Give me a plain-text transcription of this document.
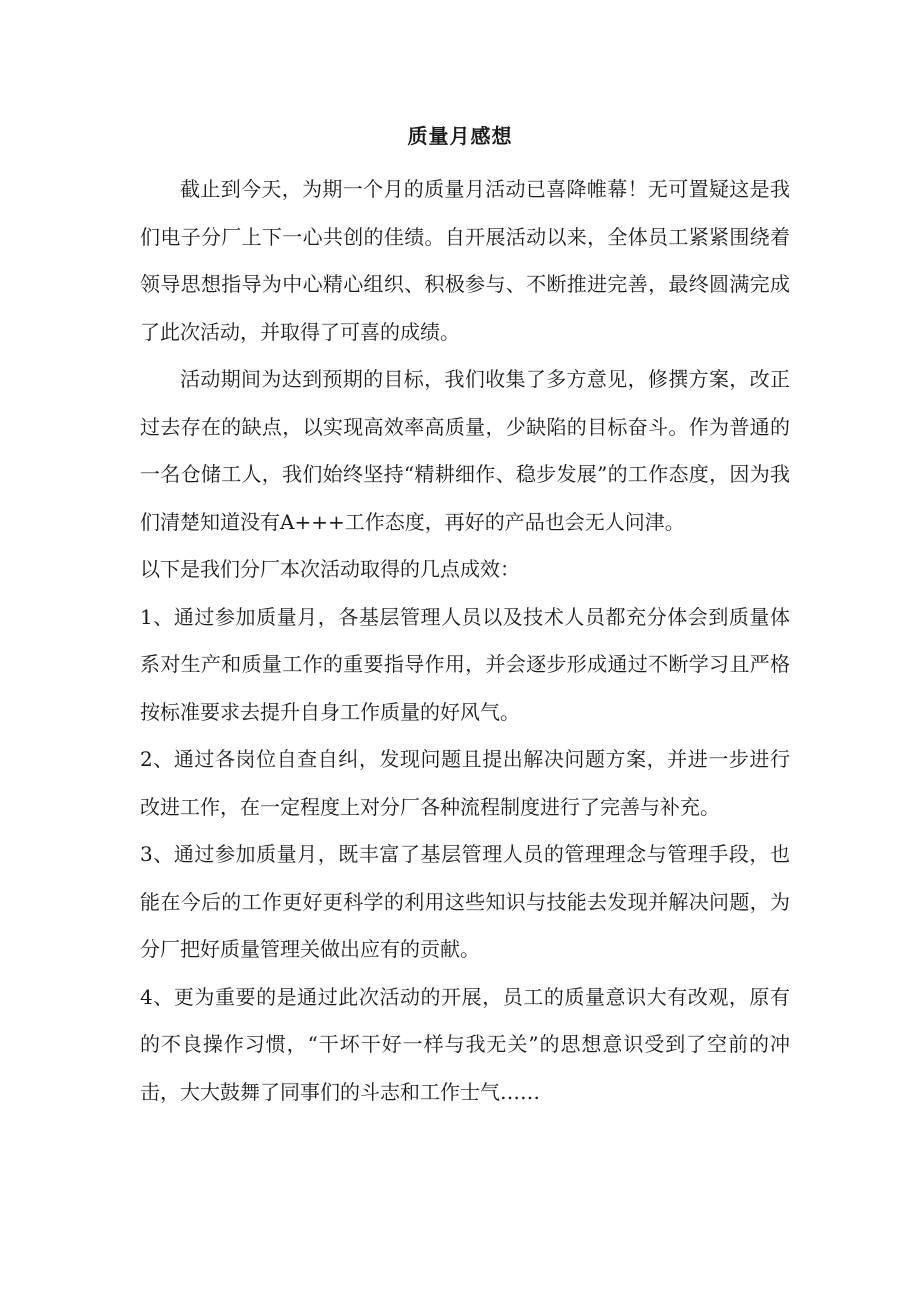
质量月感想

截止到今天，为期一个月的质量月活动已喜降帷幕！无可置疑这是我们电子分厂上下一心共创的佳绩。自开展活动以来，全体员工紧紧围绕着领导思想指导为中心精心组织、积极参与、不断推进完善，最终圆满完成了此次活动，并取得了可喜的成绩。

活动期间为达到预期的目标，我们收集了多方意见，修撰方案，改正过去存在的缺点，以实现高效率高质量，少缺陷的目标奋斗。作为普通的一名仓储工人，我们始终坚持“精耕细作、稳步发展”的工作态度，因为我们清楚知道没有A+++工作态度，再好的产品也会无人问津。

以下是我们分厂本次活动取得的几点成效：

1、通过参加质量月，各基层管理人员以及技术人员都充分体会到质量体系对生产和质量工作的重要指导作用，并会逐步形成通过不断学习且严格按标准要求去提升自身工作质量的好风气。

2、通过各岗位自查自纠，发现问题且提出解决问题方案，并进一步进行改进工作，在一定程度上对分厂各种流程制度进行了完善与补充。

3、通过参加质量月，既丰富了基层管理人员的管理理念与管理手段，也能在今后的工作更好更科学的利用这些知识与技能去发现并解决问题，为分厂把好质量管理关做出应有的贡献。

4、更为重要的是通过此次活动的开展，员工的质量意识大有改观，原有的不良操作习惯，“干坏干好一样与我无关”的思想意识受到了空前的冲击，大大鼓舞了同事们的斗志和工作士气……
